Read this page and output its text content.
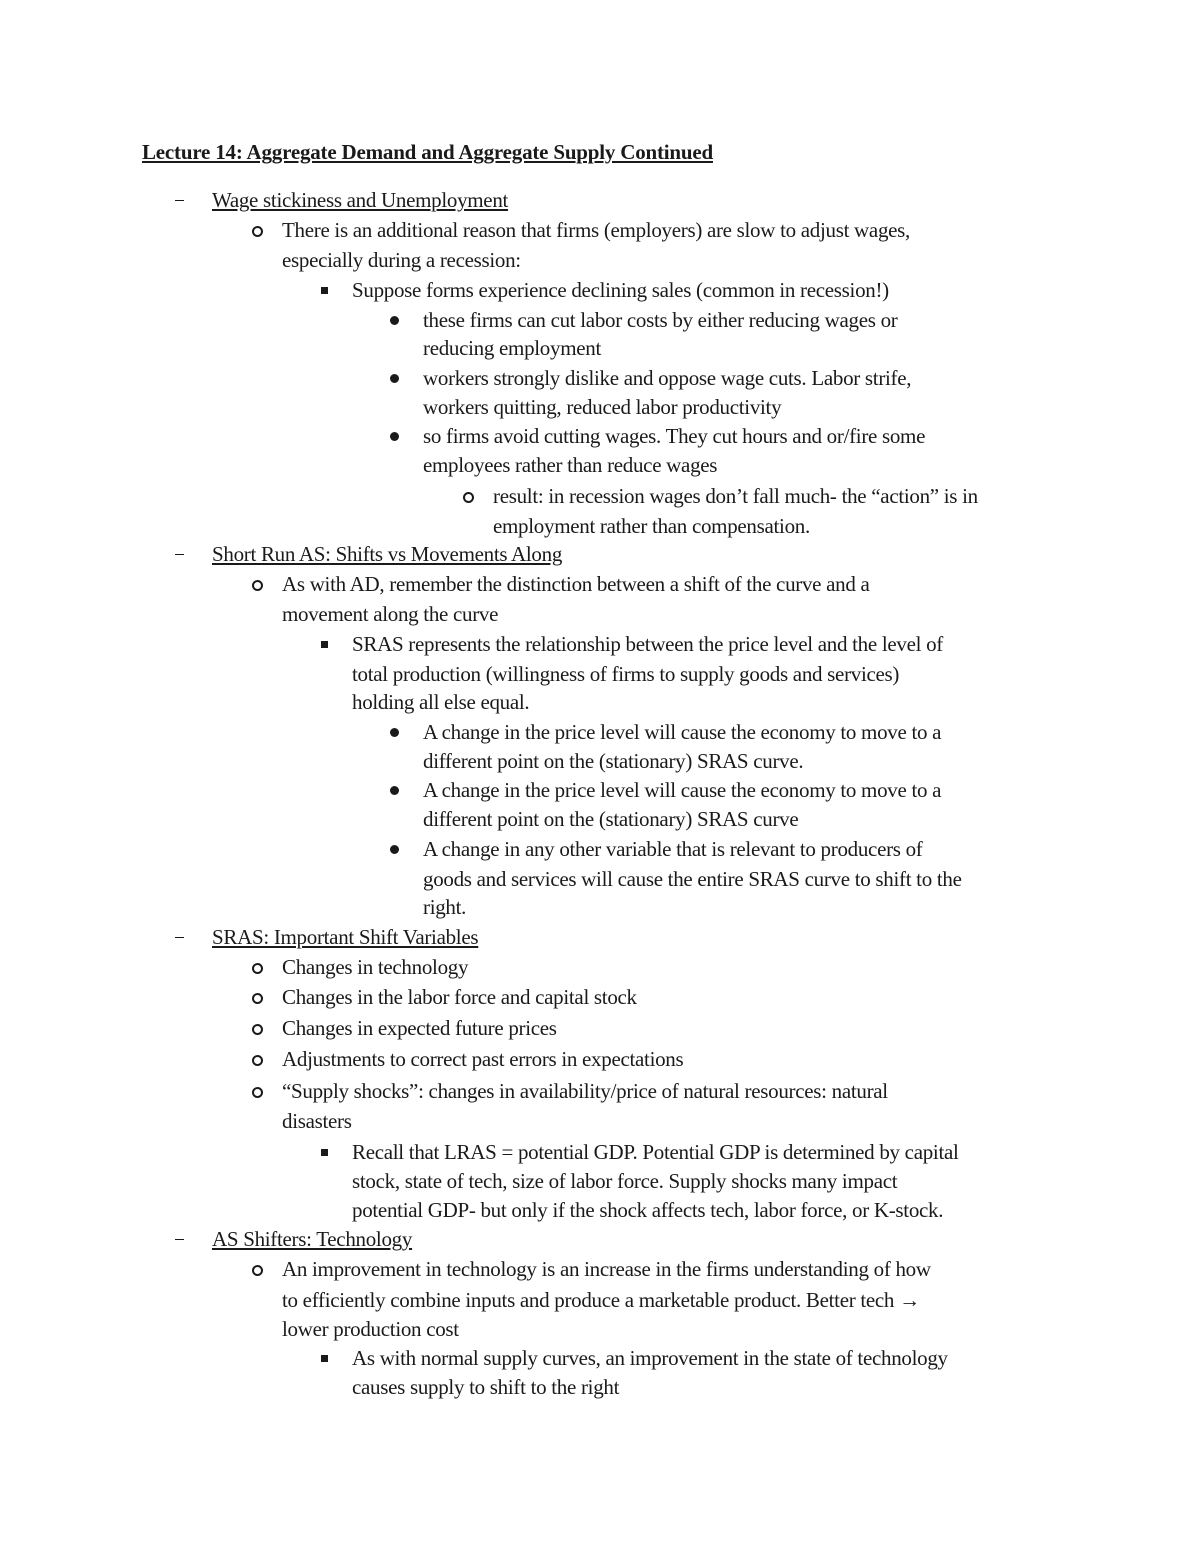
Lecture 14: Aggregate Demand and Aggregate Supply Continued
Wage stickiness and Unemployment
There is an additional reason that firms (employers) are slow to adjust wages,
especially during a recession:
Suppose forms experience declining sales (common in recession!)
these firms can cut labor costs by either reducing wages or
reducing employment
workers strongly dislike and oppose wage cuts. Labor strife,
workers quitting, reduced labor productivity
so firms avoid cutting wages. They cut hours and or/fire some
employees rather than reduce wages
result: in recession wages don’t fall much- the “action” is in
employment rather than compensation.
Short Run AS: Shifts vs Movements Along
As with AD, remember the distinction between a shift of the curve and a
movement along the curve
SRAS represents the relationship between the price level and the level of
total production (willingness of firms to supply goods and services)
holding all else equal.
A change in the price level will cause the economy to move to a
different point on the (stationary) SRAS curve.
A change in the price level will cause the economy to move to a
different point on the (stationary) SRAS curve
A change in any other variable that is relevant to producers of
goods and services will cause the entire SRAS curve to shift to the
right.
SRAS: Important Shift Variables
Changes in technology
Changes in the labor force and capital stock
Changes in expected future prices
Adjustments to correct past errors in expectations
“Supply shocks”: changes in availability/price of natural resources: natural
disasters
Recall that LRAS = potential GDP. Potential GDP is determined by capital
stock, state of tech, size of labor force. Supply shocks many impact
potential GDP- but only if the shock affects tech, labor force, or K-stock.
AS Shifters: Technology
An improvement in technology is an increase in the firms understanding of how
to efficiently combine inputs and produce a marketable product. Better tech →
lower production cost
As with normal supply curves, an improvement in the state of technology
causes supply to shift to the right
